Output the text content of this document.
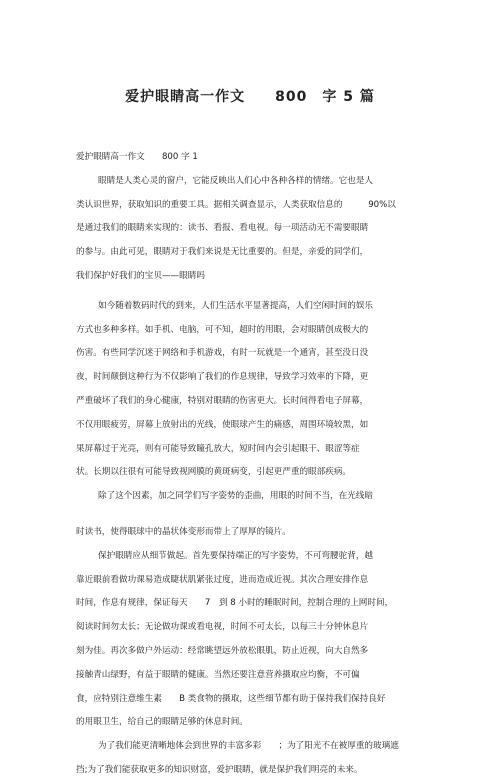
爱护眼睛高一作文　　800　字 5 篇

爱护眼睛高一作文　　800 字 1

眼睛是人类心灵的窗户，它能反映出人们心中各种各样的情绪。它也是人

类认识世界，获取知识的重要工具。据相关调查显示，人类获取信息的　　　90%以

是通过我们的眼睛来实现的：读书、看报、看电视。每一项活动无不需要眼睛

的参与。由此可见，眼睛对于我们来说是无比重要的。但是，亲爱的同学们，

我们保护好我们的宝贝——眼睛吗

如今随着数码时代的到来，人们生活水平显著提高，人们空闲时间的娱乐

方式也多种多样。如手机、电脑，可不知，超时的用眼，会对眼睛创成极大的

伤害。有些同学沉迷于网络和手机游戏，有时一玩就是一个通宵，甚至没日没

夜，时间颠倒这种行为不仅影响了我们的作息规律，导致学习效率的下降，更

严重破坏了我们的身心健康，特别对眼睛的伤害更大。长时间得看电子屏幕，

不仅用眼疲劳，屏幕上放射出的光线，使眼球产生的痛感，周围环境较黑，如

果屏幕过于光亮，则有可能导致瞳孔放大，短时间内会引起眼干、眼涩等症

状。长期以往很有可能导致视网膜的黄斑病变，引起更严重的眼部疾病。

除了这个因素，加之同学们写字姿势的歪曲，用眼的时间不当，在光线暗

时读书，使得眼球中的晶状体变形而带上了厚厚的镜片。

保护眼睛应从细节做起。首先要保持端正的写字姿势，不可弯腰驼背，越

靠近眼前看做功课易造成睫状肌紧张过度，进而造成近视。其次合理安排作息

时间，作息有规律，保证每天　　7　到 8 小时的睡眠时间，控制合理的上网时间，

阅读时间勿太长；无论做功课或看电视，时间不可太长，以每三十分钟休息片

刻为佳。再次多做户外运动：经常眺望远外放松眼肌，防止近视，向大自然多

接触青山绿野，有益于眼睛的健康。当然还要注意营养摄取应均衡，不可偏

食，应特别注意维生素　　B 类食物的摄取，这些细节都有助于保持我们保持良好

的用眼卫生，给自己的眼睛足够的休息时间。

为了我们能更清晰地体会到世界的丰富多彩　　；为了阳光不在被厚重的玻璃遮

挡;为了我们能获取更多的知识财富，爱护眼睛，就是保护我们明亮的未来。
